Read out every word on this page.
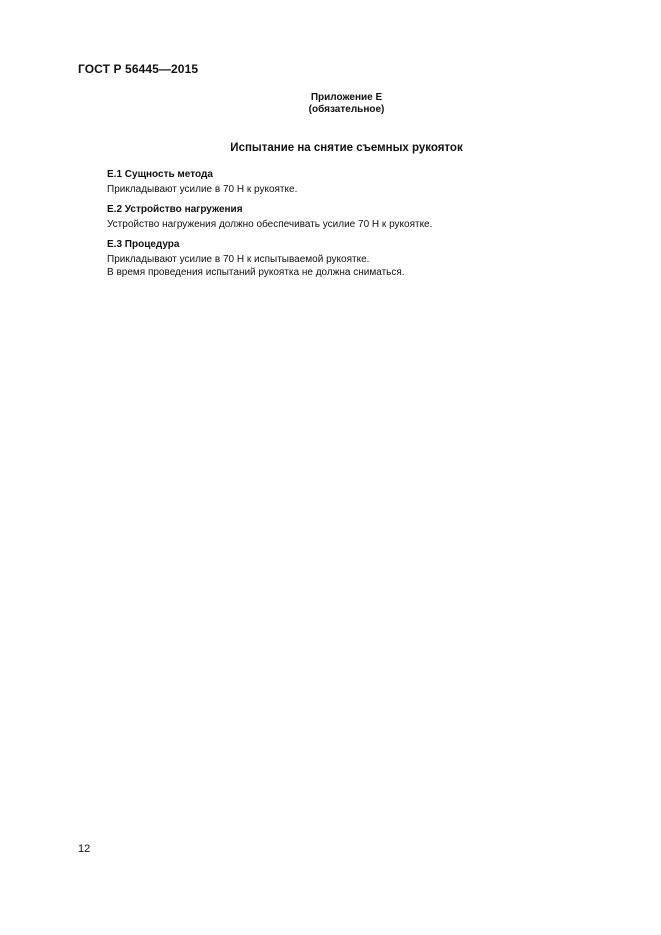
ГОСТ Р 56445—2015
Приложение Е
(обязательное)
Испытание на снятие съемных рукояток
Е.1 Сущность метода
Прикладывают усилие в 70 Н к рукоятке.
Е.2 Устройство нагружения
Устройство нагружения должно обеспечивать усилие 70 Н к рукоятке.
Е.3 Процедура
Прикладывают усилие в 70 Н к испытываемой рукоятке.
В время проведения испытаний рукоятка не должна сниматься.
12
